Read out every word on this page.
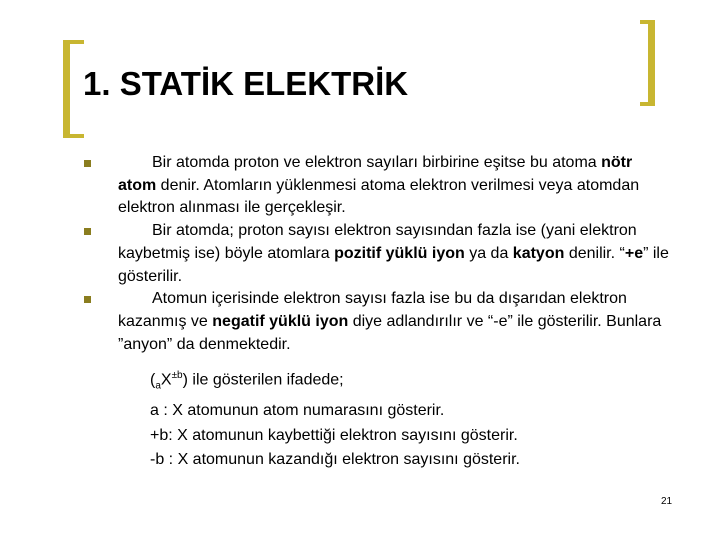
1. STATİK ELEKTRİK
Bir atomda proton ve elektron sayıları birbirine eşitse bu atoma nötr atom denir. Atomların yüklenmesi atoma elektron verilmesi veya atomdan elektron alınması ile gerçekleşir.
Bir atomda; proton sayısı elektron sayısından fazla ise (yani elektron kaybetmiş ise) böyle atomlara pozitif yüklü iyon ya da katyon denilir. “+e” ile gösterilir.
Atomun içerisinde elektron sayısı fazla ise bu da dışarıdan elektron kazanmış ve negatif yüklü iyon diye adlandırılır ve “-e” ile gösterilir. Bunlara ”anyon” da denmektedir.
$(_aX^{\pm b})$ ile gösterilen ifadede;
a : X atomunun atom numarasını gösterir.
+b: X atomunun kaybettiği elektron sayısını gösterir.
-b : X atomunun kazandığı elektron sayısını gösterir.
21
